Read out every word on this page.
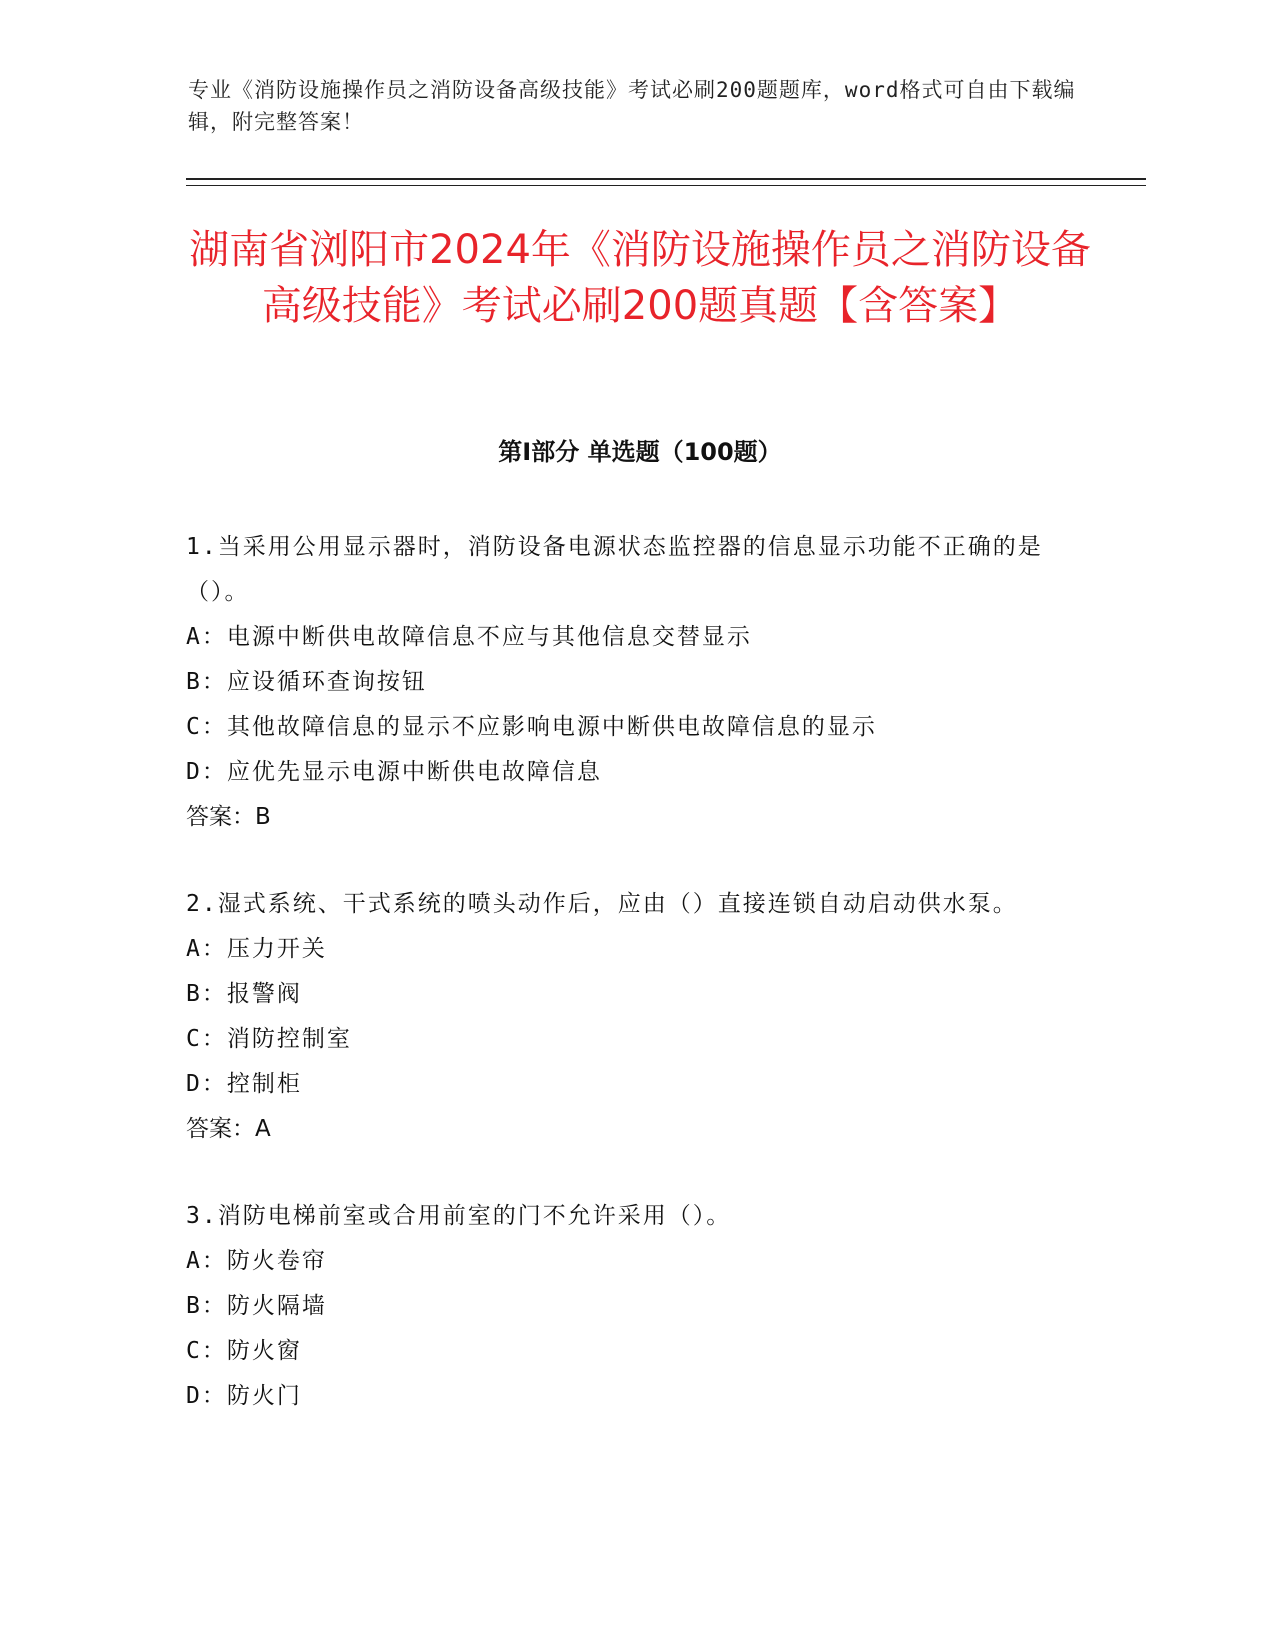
专业《消防设施操作员之消防设备高级技能》考试必刷200题题库，word格式可自由下载编辑，附完整答案！
湖南省浏阳市2024年《消防设施操作员之消防设备高级技能》考试必刷200题真题【含答案】
第I部分 单选题（100题）
1.当采用公用显示器时，消防设备电源状态监控器的信息显示功能不正确的是（）。
A：电源中断供电故障信息不应与其他信息交替显示
B：应设循环查询按钮
C：其他故障信息的显示不应影响电源中断供电故障信息的显示
D：应优先显示电源中断供电故障信息
答案：B
2.湿式系统、干式系统的喷头动作后，应由（）直接连锁自动启动供水泵。
A：压力开关
B：报警阀
C：消防控制室
D：控制柜
答案：A
3.消防电梯前室或合用前室的门不允许采用（）。
A：防火卷帘
B：防火隔墙
C：防火窗
D：防火门
